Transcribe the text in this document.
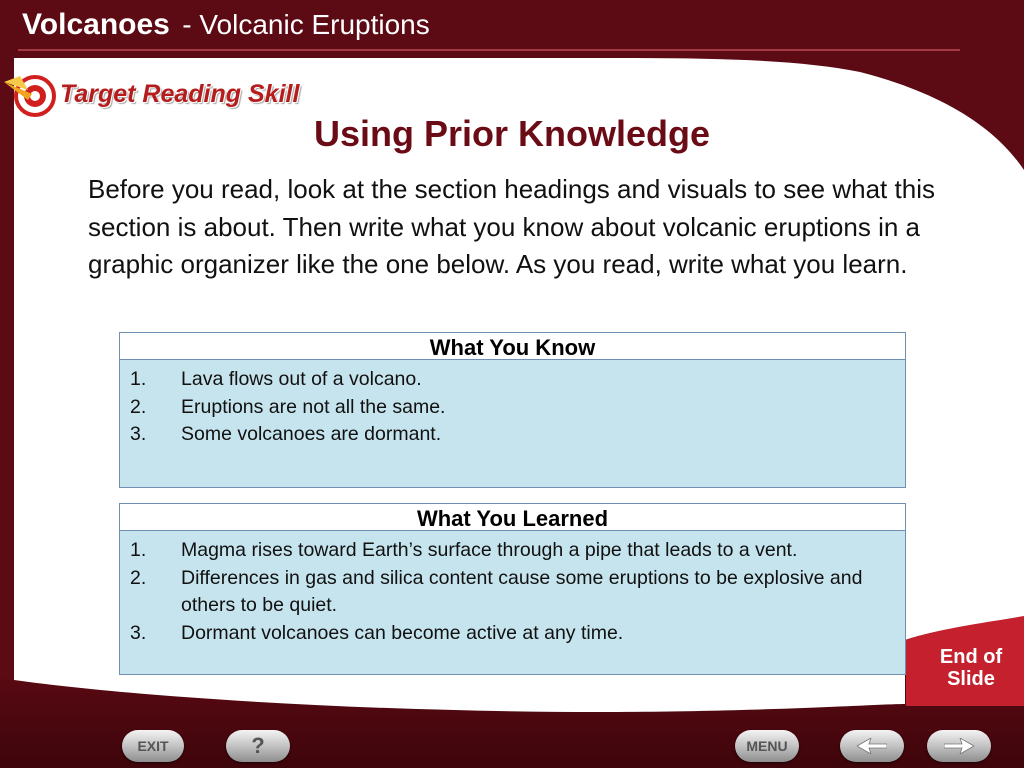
Volcanoes - Volcanic Eruptions
Target Reading Skill
Using Prior Knowledge
Before you read, look at the section headings and visuals to see what this section is about. Then write what you know about volcanic eruptions in a graphic organizer like the one below. As you read, write what you learn.
What You Know
1. Lava flows out of a volcano.
2. Eruptions are not all the same.
3. Some volcanoes are dormant.
What You Learned
1. Magma rises toward Earth’s surface through a pipe that leads to a vent.
2. Differences in gas and silica content cause some eruptions to be explosive and others to be quiet.
3. Dormant volcanoes can become active at any time.
End of
Slide
EXIT	?	MENU
